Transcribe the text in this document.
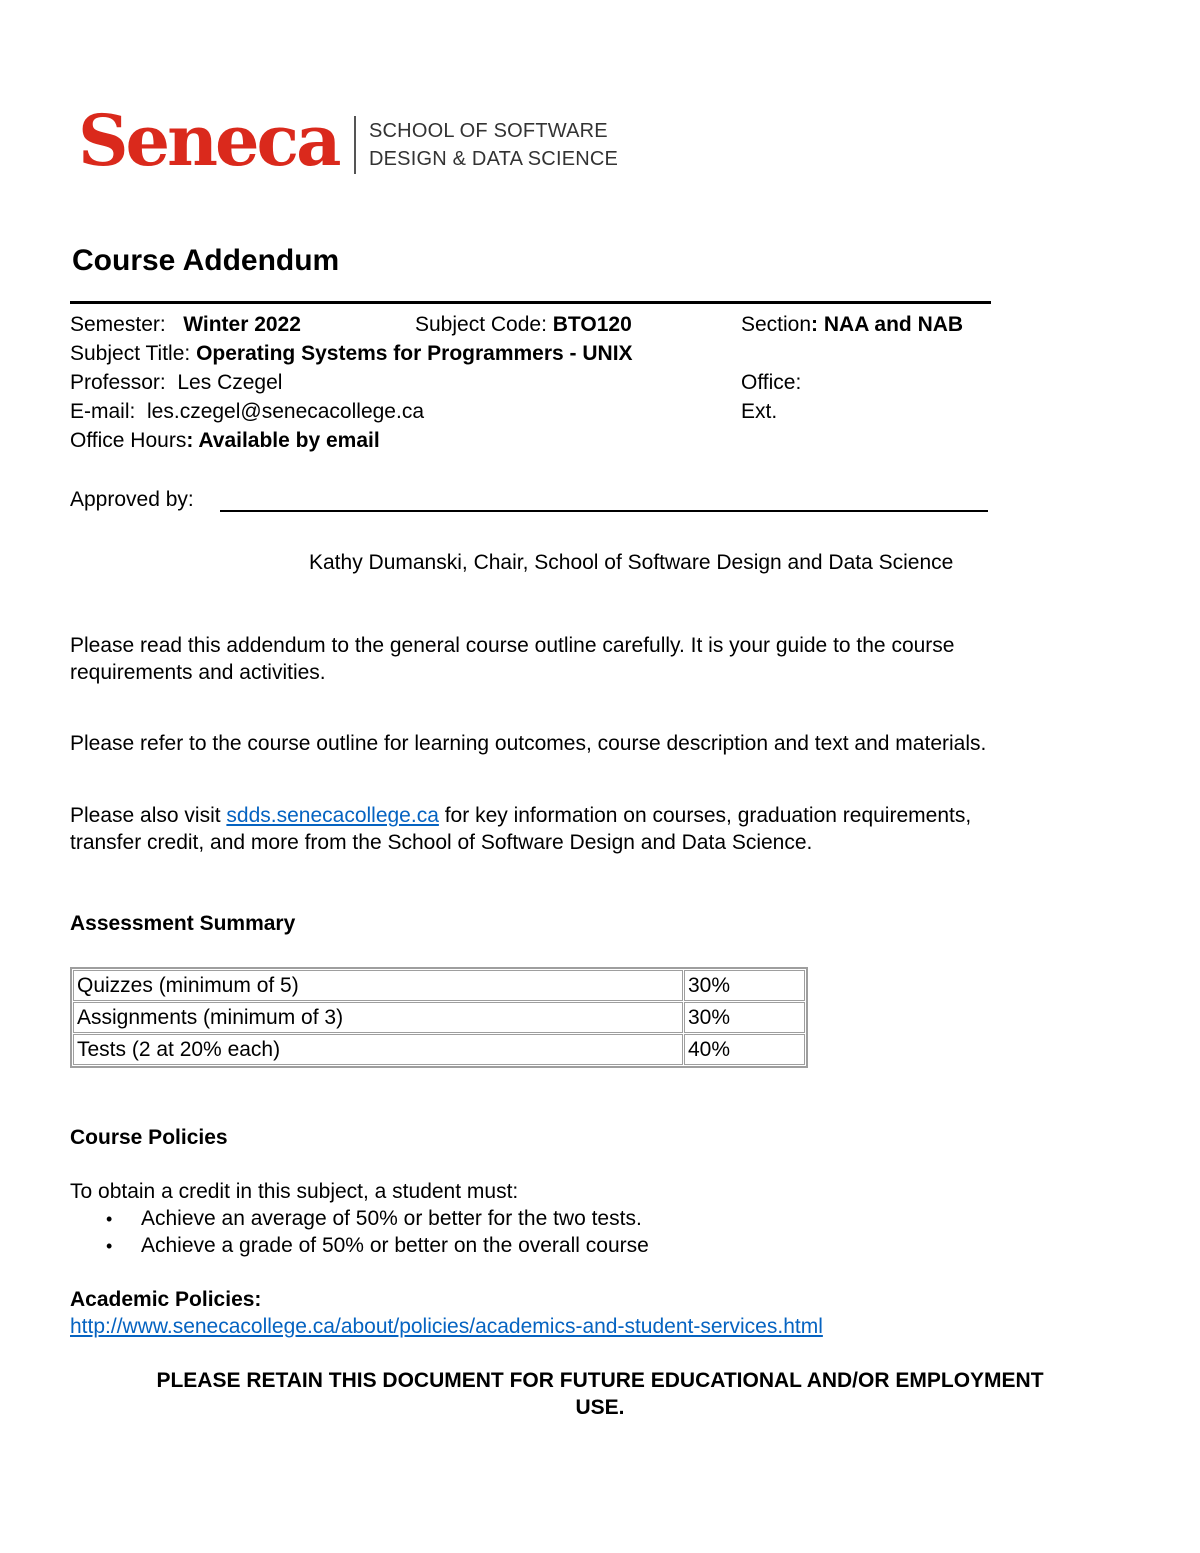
Seneca SCHOOL OF SOFTWARE
DESIGN & DATA SCIENCE
Course Addendum
Semester: Winter 2022	Subject Code: BTO120	Section: NAA and NAB
Subject Title: Operating Systems for Programmers - UNIX
Professor: Les Czegel	Office:
E-mail: les.czegel@senecacollege.ca	Ext.
Office Hours: Available by email
Approved by:
Kathy Dumanski, Chair, School of Software Design and Data Science
Please read this addendum to the general course outline carefully. It is your guide to the course
requirements and activities.
Please refer to the course outline for learning outcomes, course description and text and materials.
Please also visit sdds.senecacollege.ca for key information on courses, graduation requirements,
transfer credit, and more from the School of Software Design and Data Science.
Assessment Summary
Quizzes (minimum of 5)	30%
Assignments (minimum of 3)	30%
Tests (2 at 20% each)	40%
Course Policies
To obtain a credit in this subject, a student must:
• Achieve an average of 50% or better for the two tests.
• Achieve a grade of 50% or better on the overall course
Academic Policies:
http://www.senecacollege.ca/about/policies/academics-and-student-services.html
PLEASE RETAIN THIS DOCUMENT FOR FUTURE EDUCATIONAL AND/OR EMPLOYMENT
USE.
